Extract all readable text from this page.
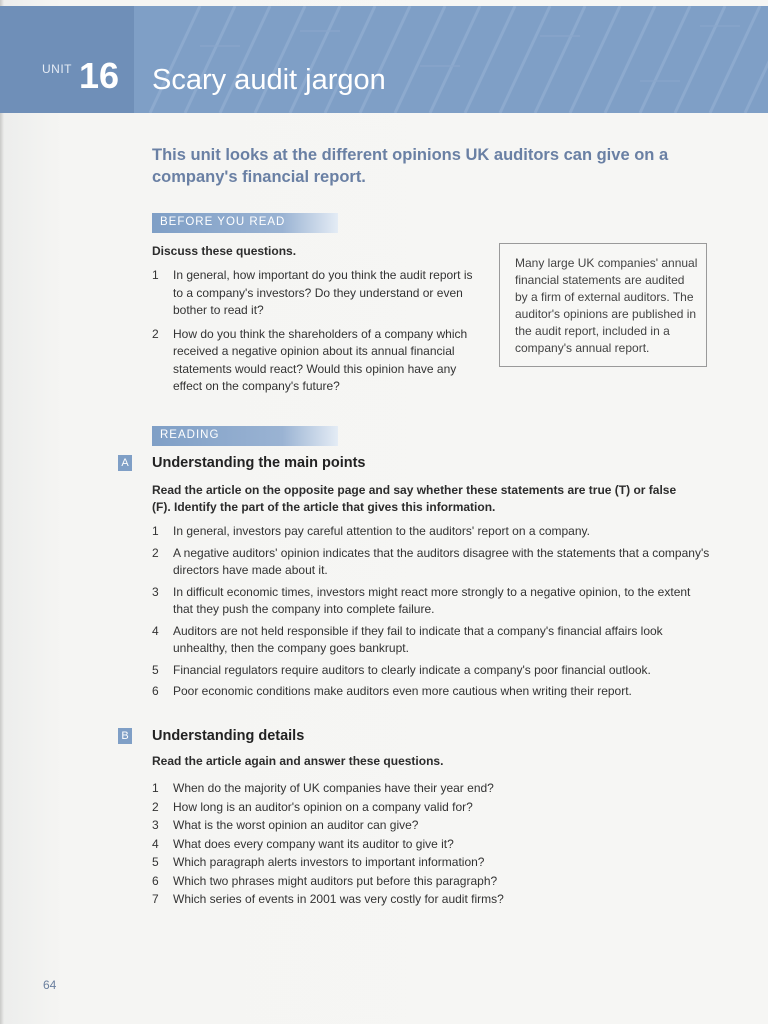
UNIT 16 Scary audit jargon
This unit looks at the different opinions UK auditors can give on a company's financial report.
BEFORE YOU READ
Discuss these questions.
1 In general, how important do you think the audit report is to a company's investors? Do they understand or even bother to read it?
2 How do you think the shareholders of a company which received a negative opinion about its annual financial statements would react? Would this opinion have any effect on the company's future?
Many large UK companies' annual financial statements are audited by a firm of external auditors. The auditor's opinions are published in the audit report, included in a company's annual report.
READING
A Understanding the main points
Read the article on the opposite page and say whether these statements are true (T) or false (F). Identify the part of the article that gives this information.
1 In general, investors pay careful attention to the auditors' report on a company.
2 A negative auditors' opinion indicates that the auditors disagree with the statements that a company's directors have made about it.
3 In difficult economic times, investors might react more strongly to a negative opinion, to the extent that they push the company into complete failure.
4 Auditors are not held responsible if they fail to indicate that a company's financial affairs look unhealthy, then the company goes bankrupt.
5 Financial regulators require auditors to clearly indicate a company's poor financial outlook.
6 Poor economic conditions make auditors even more cautious when writing their report.
B Understanding details
Read the article again and answer these questions.
1 When do the majority of UK companies have their year end?
2 How long is an auditor's opinion on a company valid for?
3 What is the worst opinion an auditor can give?
4 What does every company want its auditor to give it?
5 Which paragraph alerts investors to important information?
6 Which two phrases might auditors put before this paragraph?
7 Which series of events in 2001 was very costly for audit firms?
64
